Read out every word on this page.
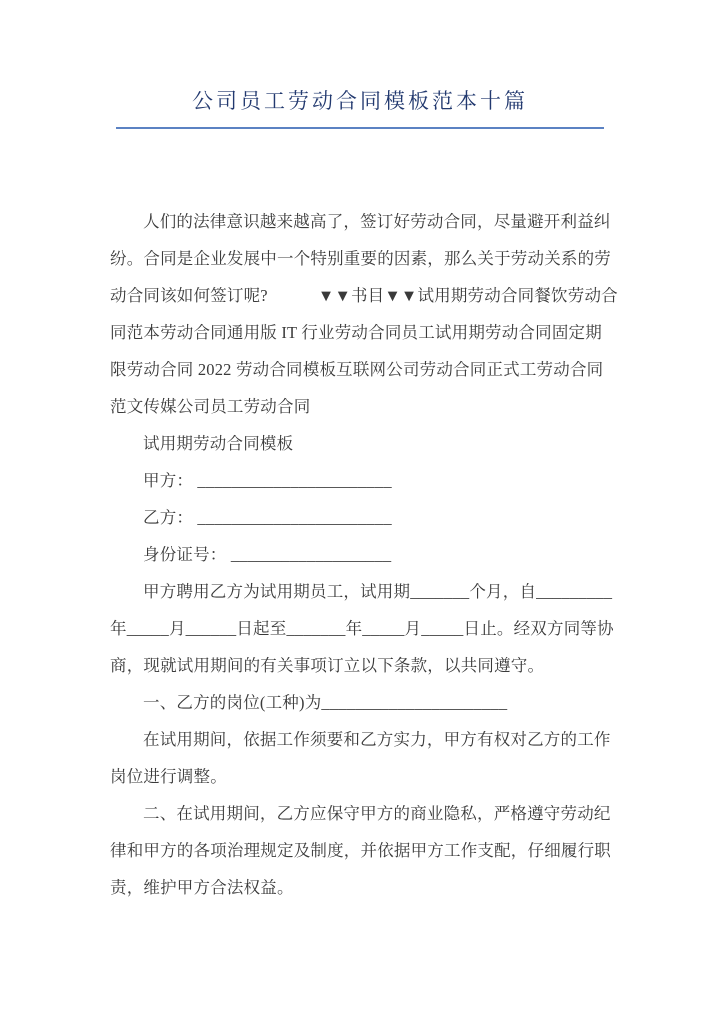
公司员工劳动合同模板范本十篇
人们的法律意识越来越高了，签订好劳动合同，尽量避开利益纠
纷。合同是企业发展中一个特别重要的因素，那么关于劳动关系的劳
动合同该如何签订呢?　　　▼▼书目▼▼试用期劳动合同餐饮劳动合
同范本劳动合同通用版 IT 行业劳动合同员工试用期劳动合同固定期
限劳动合同 2022 劳动合同模板互联网公司劳动合同正式工劳动合同
范文传媒公司员工劳动合同
试用期劳动合同模板
甲方： _______________________
乙方： _______________________
身份证号： ___________________
甲方聘用乙方为试用期员工，试用期_______个月，自_________
年_____月______日起至_______年_____月_____日止。经双方同等协
商，现就试用期间的有关事项订立以下条款，以共同遵守。
一、乙方的岗位(工种)为______________________
在试用期间，依据工作须要和乙方实力，甲方有权对乙方的工作
岗位进行调整。
二、在试用期间，乙方应保守甲方的商业隐私，严格遵守劳动纪
律和甲方的各项治理规定及制度，并依据甲方工作支配，仔细履行职
责，维护甲方合法权益。
